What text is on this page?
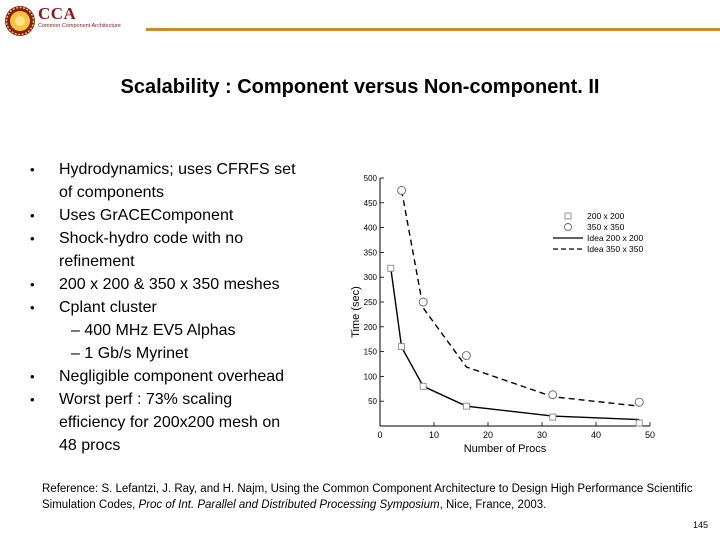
CCA
Common Component Architecture
Scalability : Component versus Non-component. II
• Hydrodynamics; uses CFRFS set
of components
• Uses GrACEComponent
• Shock-hydro code with no
refinement
• 200 x 200 & 350 x 350 meshes
• Cplant cluster
– 400 MHz EV5 Alphas
– 1 Gb/s Myrinet
• Negligible component overhead
• Worst perf : 73% scaling
efficiency for 200x200 mesh on
48 procs
0	10	20	30	40	50
50
100
150
200
250
300
350
400
450
500
Number of Procs
Time (sec)
200 x 200
350 x 350
Idea 200 x 200
Idea 350 x 350
Reference: S. Lefantzi, J. Ray, and H. Najm, Using the Common Component Architecture to Design High Performance Scientific Simulation Codes, Proc of Int. Parallel and Distributed Processing Symposium, Nice, France, 2003.
145
